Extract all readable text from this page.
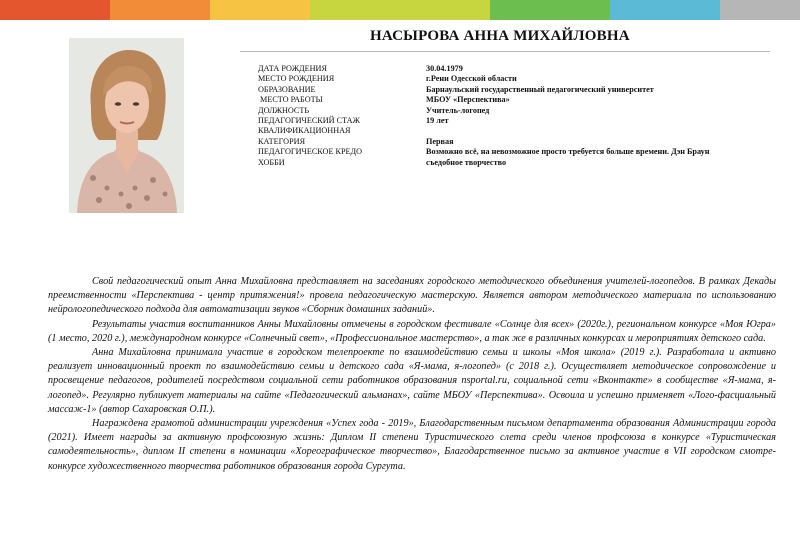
НАСЫРОВА АННА МИХАЙЛОВНА
ДАТА РОЖДЕНИЯ	30.04.1979
МЕСТО РОЖДЕНИЯ	г.Рени Одесской области
ОБРАЗОВАНИЕ	Барнаульский государственный педагогический университет
МЕСТО РАБОТЫ	МБОУ «Перспектива»
ДОЛЖНОСТЬ	Учитель-логопед
ПЕДАГОГИЧЕСКИЙ СТАЖ	19 лет
КВАЛИФИКАЦИОННАЯ
КАТЕГОРИЯ	Первая
ПЕДАГОГИЧЕСКОЕ КРЕДО	Возможно всё, на невозможное просто требуется больше времени. Дэн Браун
ХОББИ	съедобное творчество

Свой педагогический опыт Анна Михайловна представляет на заседаниях городского методического объединения учителей-логопедов. В рамках Декады преемственности «Перспектива - центр притяжения!» провела педагогическую мастерскую. Является автором методического материала по использованию нейрологопедического подхода для автоматизации звуков «Сборник домашних заданий».

Результаты участия воспитанников Анны Михайловны отмечены в городском фестивале «Солнце для всех» (2020г.), региональном конкурсе «Моя Югра» (1 место, 2020 г.), международном конкурсе «Солнечный свет», «Профессиональное мастерство», а так же в различных конкурсах и мероприятиях детского сада.

Анна Михайловна принимала участие в городском телепроекте по взаимодействию семьи и школы «Моя школа» (2019 г.). Разработала и активно реализует инновационный проект по взаимодействию семьи и детского сада «Я-мама, я-логопед» (с 2018 г.). Осуществляет методическое сопровождение и просвещение педагогов, родителей посредством социальной сети работников образования nsportal.ru, социальной сети «Вконтакте» в сообществе «Я-мама, я-логопед». Регулярно публикует материалы на сайте «Педагогический альманах», сайте МБОУ «Перспектива». Освоила и успешно применяет «Лого-фасциальный массаж-1» (автор Сахаровская О.П.).

Награждена грамотой администрации учреждения «Успех года - 2019», Благодарственным письмом департамента образования Администрации города (2021). Имеет награды за активную профсоюзную жизнь: Диплом II степени Туристического слета среди членов профсоюза в конкурсе «Туристическая самодеятельность», диплом II степени в номинации «Хореографическое творчество», Благодарственное письмо за активное участие в VII городском смотре-конкурсе художественного творчества работников образования города Сургута.
